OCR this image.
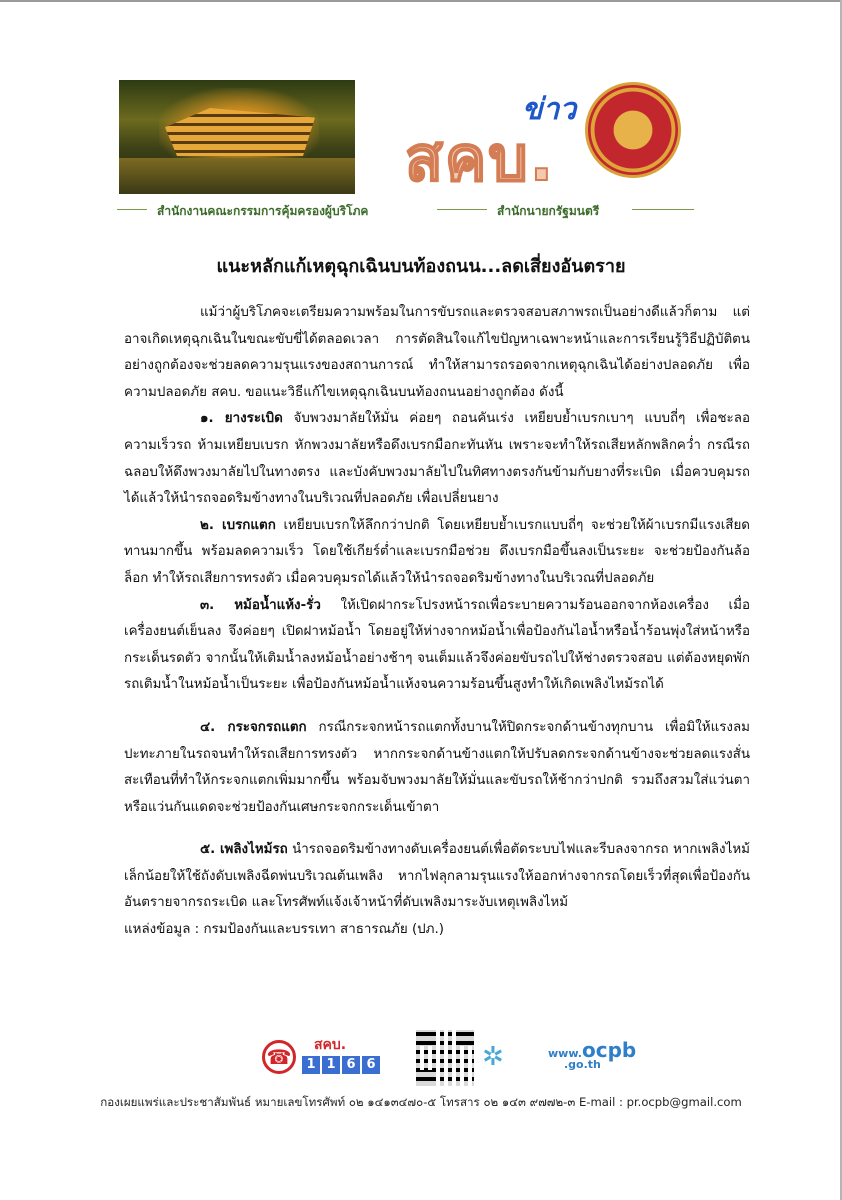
ข่าว
สคบ.
สำนักงานคณะกรรมการคุ้มครองผู้บริโภค	สำนักนายกรัฐมนตรี
แนะหลักแก้เหตุฉุกเฉินบนท้องถนน...ลดเสี่ยงอันตราย

แม้ว่าผู้บริโภคจะเตรียมความพร้อมในการขับรถและตรวจสอบสภาพรถเป็นอย่างดีแล้วก็ตาม แต่อาจเกิดเหตุฉุกเฉินในขณะขับขี่ได้ตลอดเวลา การตัดสินใจแก้ไขปัญหาเฉพาะหน้าและการเรียนรู้วิธีปฏิบัติตนอย่างถูกต้องจะช่วยลดความรุนแรงของสถานการณ์ ทำให้สามารถรอดจากเหตุฉุกเฉินได้อย่างปลอดภัย เพื่อความปลอดภัย สคบ. ขอแนะวิธีแก้ไขเหตุฉุกเฉินบนท้องถนนอย่างถูกต้อง ดังนี้

๑. ยางระเบิด จับพวงมาลัยให้มั่น ค่อยๆ ถอนคันเร่ง เหยียบย้ำเบรกเบาๆ แบบถี่ๆ เพื่อชะลอความเร็วรถ ห้ามเหยียบเบรก หักพวงมาลัยหรือดึงเบรกมือกะทันหัน เพราะจะทำให้รถเสียหลักพลิกคว่ำ กรณีรถฉลอบให้ดึงพวงมาลัยไปในทางตรง และบังคับพวงมาลัยไปในทิศทางตรงกันข้ามกับยางที่ระเบิด เมื่อควบคุมรถได้แล้วให้นำรถจอดริมข้างทางในบริเวณที่ปลอดภัย เพื่อเปลี่ยนยาง

๒. เบรกแตก เหยียบเบรกให้ลึกกว่าปกติ โดยเหยียบย้ำเบรกแบบถี่ๆ จะช่วยให้ผ้าเบรกมีแรงเสียดทานมากขึ้น พร้อมลดความเร็ว โดยใช้เกียร์ต่ำและเบรกมือช่วย ดึงเบรกมือขึ้นลงเป็นระยะ จะช่วยป้องกันล้อล็อก ทำให้รถเสียการทรงตัว เมื่อควบคุมรถได้แล้วให้นำรถจอดริมข้างทางในบริเวณที่ปลอดภัย

๓. หม้อน้ำแห้ง-รั่ว ให้เปิดฝากระโปรงหน้ารถเพื่อระบายความร้อนออกจากห้องเครื่อง เมื่อเครื่องยนต์เย็นลง จึงค่อยๆ เปิดฝาหม้อน้ำ โดยอยู่ให้ห่างจากหม้อน้ำเพื่อป้องกันไอน้ำหรือน้ำร้อนพุ่งใส่หน้าหรือกระเด็นรดตัว จากนั้นให้เติมน้ำลงหม้อน้ำอย่างช้าๆ จนเต็มแล้วจึงค่อยขับรถไปให้ช่างตรวจสอบ แต่ต้องหยุดพักรถเติมน้ำในหม้อน้ำเป็นระยะ เพื่อป้องกันหม้อน้ำแห้งจนความร้อนขึ้นสูงทำให้เกิดเพลิงไหม้รถได้

๔. กระจกรถแตก กรณีกระจกหน้ารถแตกทั้งบานให้ปิดกระจกด้านข้างทุกบาน เพื่อมิให้แรงลมปะทะภายในรถจนทำให้รถเสียการทรงตัว หากกระจกด้านข้างแตกให้ปรับลดกระจกด้านข้างจะช่วยลดแรงสั่นสะเทือนที่ทำให้กระจกแตกเพิ่มมากขึ้น พร้อมจับพวงมาลัยให้มั่นและขับรถให้ช้ากว่าปกติ รวมถึงสวมใส่แว่นตาหรือแว่นกันแดดจะช่วยป้องกันเศษกระจกกระเด็นเข้าตา

๕. เพลิงไหม้รถ นำรถจอดริมข้างทางดับเครื่องยนต์เพื่อตัดระบบไฟและรีบลงจากรถ หากเพลิงไหม้เล็กน้อยให้ใช้ถังดับเพลิงฉีดพ่นบริเวณต้นเพลิง หากไฟลุกลามรุนแรงให้ออกห่างจากรถโดยเร็วที่สุดเพื่อป้องกันอันตรายจากรถระเบิด และโทรศัพท์แจ้งเจ้าหน้าที่ดับเพลิงมาระงับเหตุเพลิงไหม้

แหล่งข้อมูล : กรมป้องกันและบรรเทา สาธารณภัย (ปภ.)

☎	สคบ.
1 1 6 6	✲	www.ocpb
.go.th
กองเผยแพร่และประชาสัมพันธ์ หมายเลขโทรศัพท์ ๐๒ ๑๔๑๓๔๗๐-๕ โทรสาร ๐๒ ๑๔๓ ๙๗๗๒-๓ E-mail : pr.ocpb@gmail.com
